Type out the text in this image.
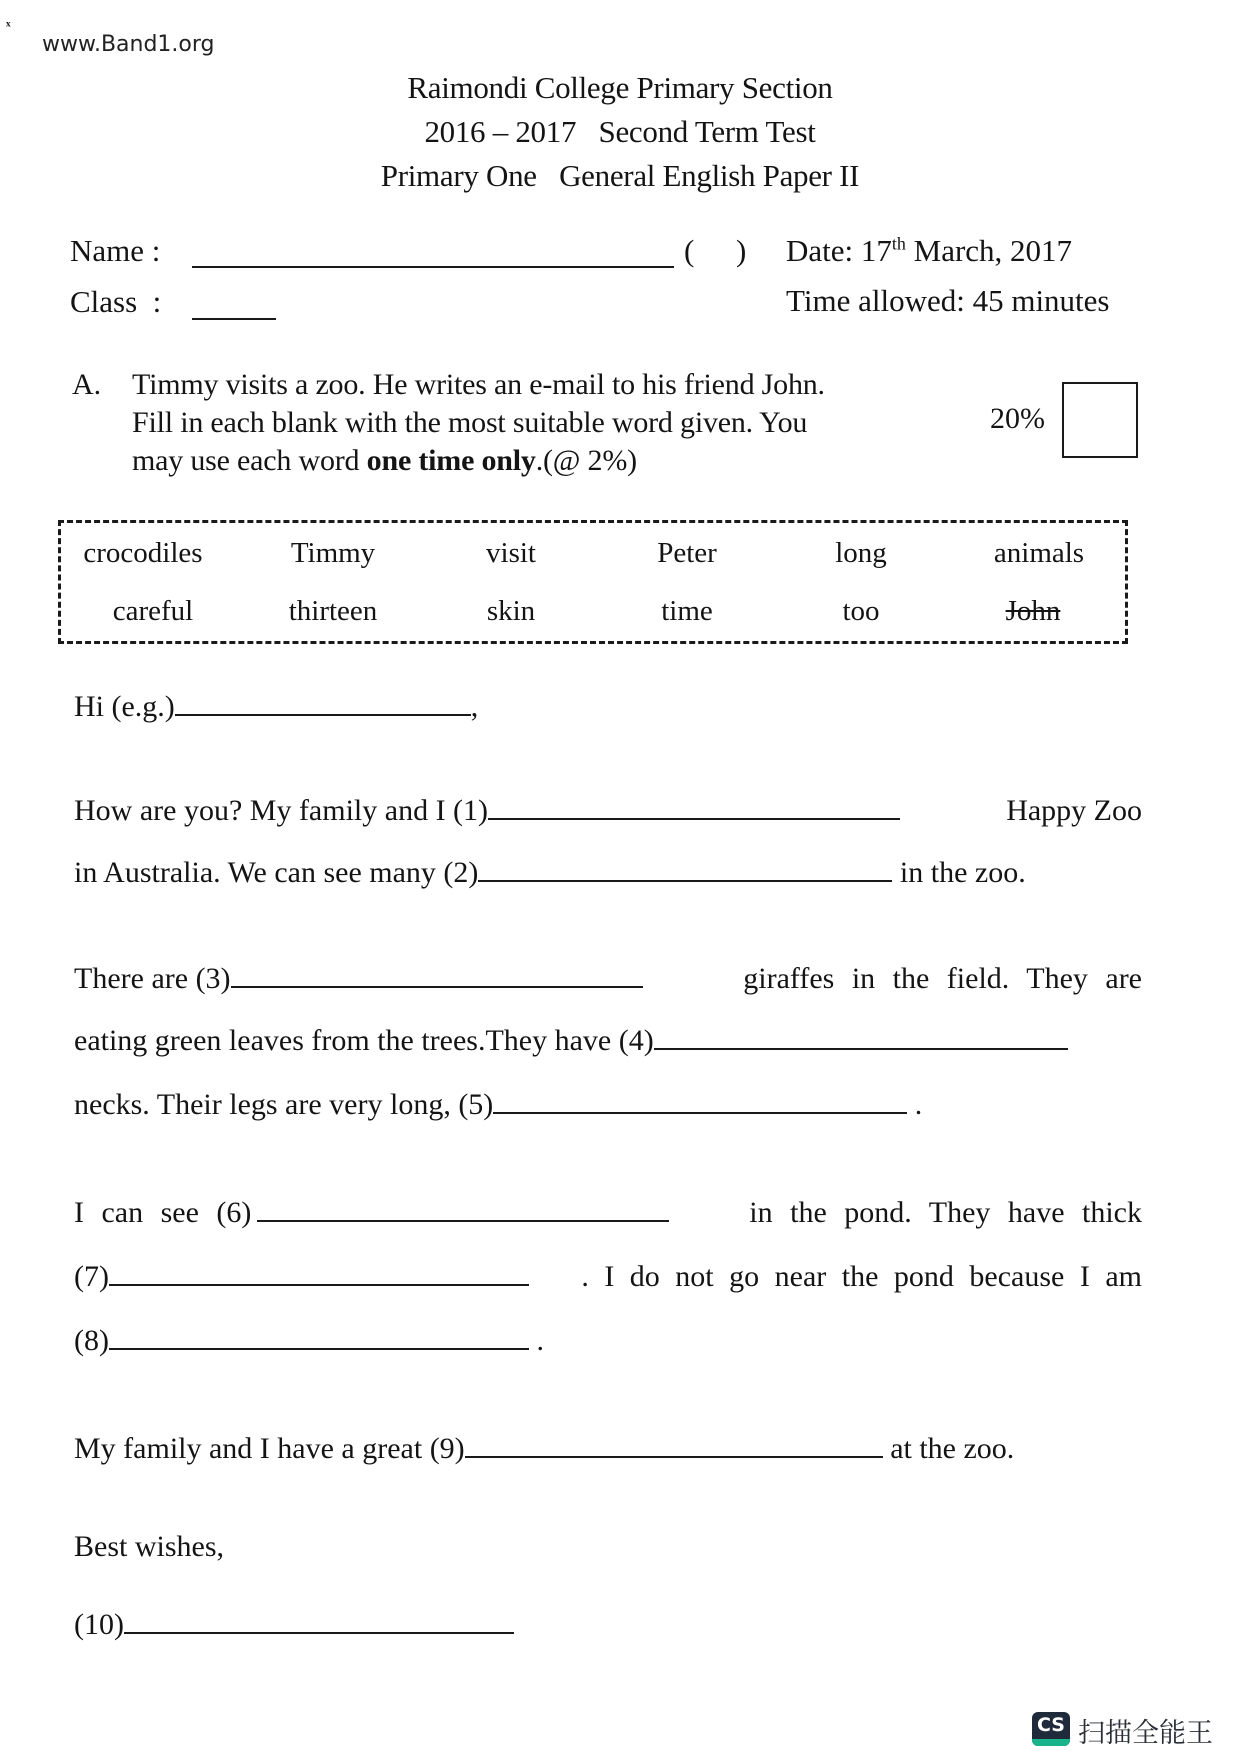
ˣ
www.Band1.org
Raimondi College Primary Section
2016 – 2017   Second Term Test
Primary One   General English Paper II
Name :	( ) Date: 17th March, 2017
Class  :	Time allowed: 45 minutes
A. Timmy visits a zoo. He writes an e-mail to his friend John.
Fill in each blank with the most suitable word given. You
may use each word one time only.(@ 2%)
20%
crocodiles	Timmy	visit	Peter	long	animals
careful	thirteen	skin	time	too	John
Hi (e.g.)	,
How are you? My family and I (1)	Happy Zoo
in Australia. We can see many (2)	in the zoo.
There are (3)	giraffes in the field. They are
eating green leaves from the trees.They have (4)
necks. Their legs are very long, (5)	.
I can see (6)	in the pond. They have thick
(7)	. I do not go near the pond because I am
(8)	.
My family and I have a great (9)	at the zoo.
Best wishes,
(10)
CS 扫描全能王
